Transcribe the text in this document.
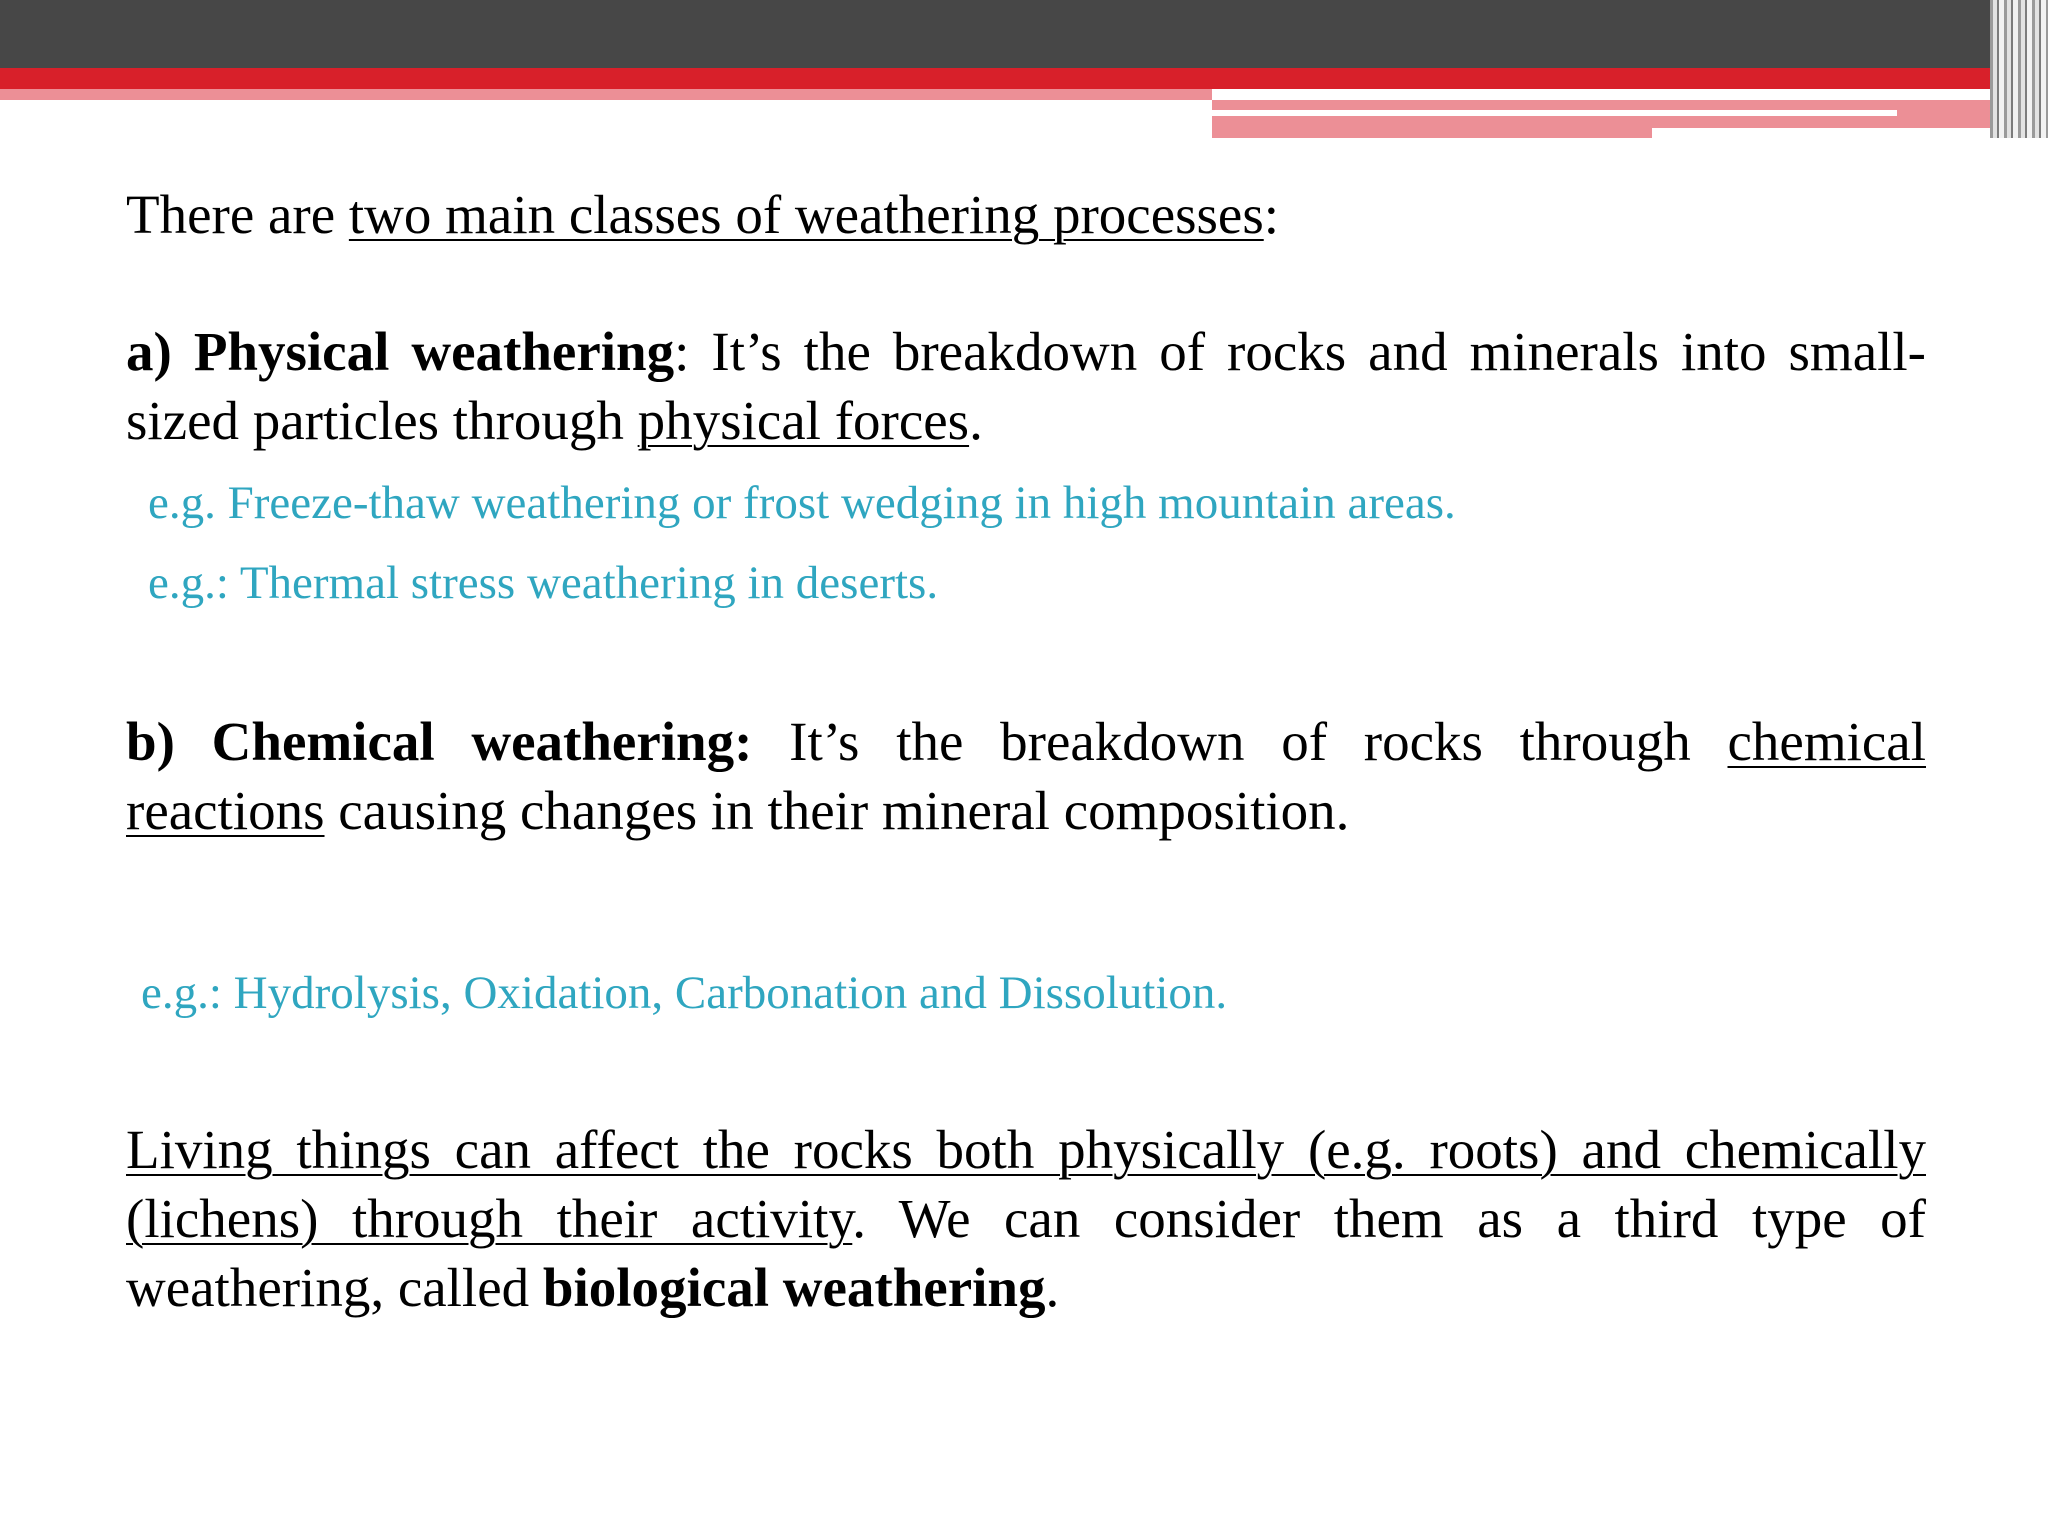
There are two main classes of weathering processes:

a) Physical weathering: It’s the breakdown of rocks and minerals into small-sized particles through physical forces.

e.g. Freeze-thaw weathering or frost wedging in high mountain areas.

e.g.: Thermal stress weathering in deserts.

b) Chemical weathering: It’s the breakdown of rocks through chemical reactions causing changes in their mineral composition.

e.g.: Hydrolysis, Oxidation, Carbonation and Dissolution.

Living things can affect the rocks both physically (e.g. roots) and chemically (lichens) through their activity. We can consider them as a third type of weathering, called biological weathering.
